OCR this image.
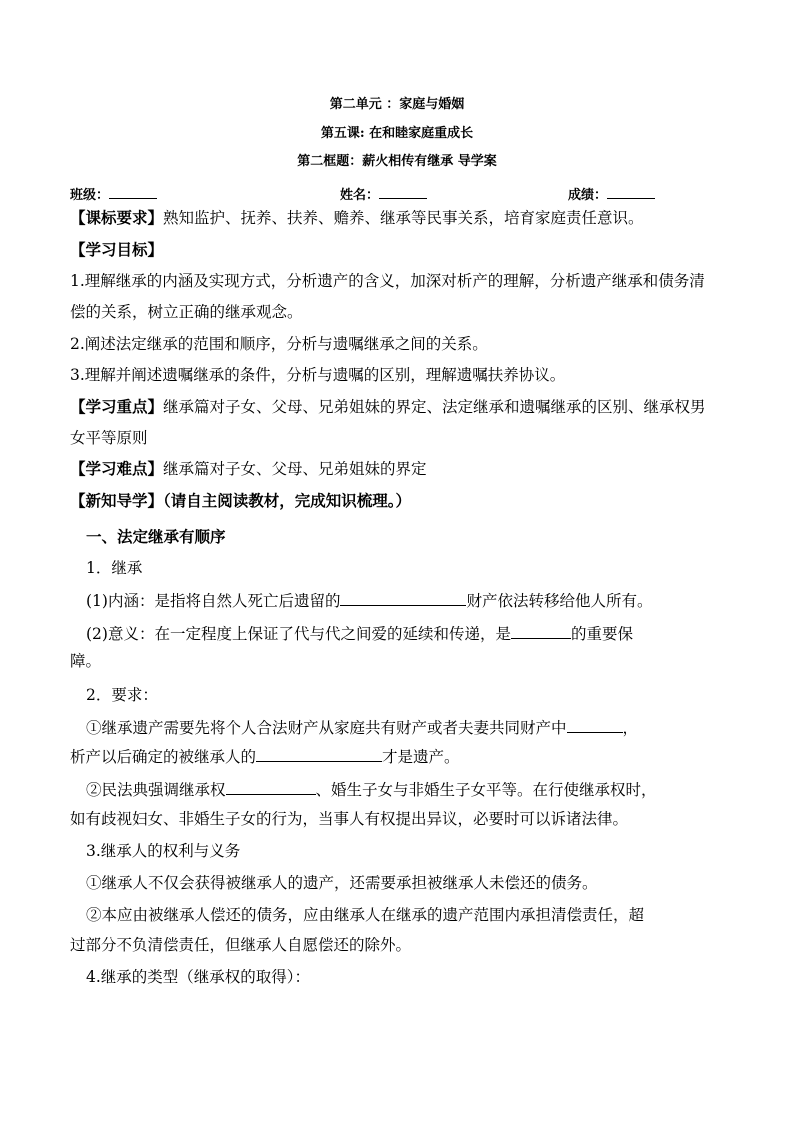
第二单元 ：家庭与婚姻
第五课: 在和睦家庭重成长
第二框题：薪火相传有继承 导学案
班级：	姓名：	成绩：
【课标要求】熟知监护、抚养、扶养、赡养、继承等民事关系，培育家庭责任意识。
【学习目标】
1.理解继承的内涵及实现方式，分析遗产的含义，加深对析产的理解，分析遗产继承和债务清
偿的关系，树立正确的继承观念。
2.阐述法定继承的范围和顺序，分析与遗嘱继承之间的关系。
3.理解并阐述遗嘱继承的条件，分析与遗嘱的区别，理解遗嘱扶养协议。
【学习重点】继承篇对子女、父母、兄弟姐妹的界定、法定继承和遗嘱继承的区别、继承权男
女平等原则
【学习难点】继承篇对子女、父母、兄弟姐妹的界定
【新知导学】（请自主阅读教材，完成知识梳理。）
一、法定继承有顺序
1．继承
(1)内涵：是指将自然人死亡后遗留的	财产依法转移给他人所有。
(2)意义：在一定程度上保证了代与代之间爱的延续和传递，是	的重要保
障。
2．要求：
①继承遗产需要先将个人合法财产从家庭共有财产或者夫妻共同财产中	，
析产以后确定的被继承人的	才是遗产。
②民法典强调继承权	、婚生子女与非婚生子女平等。在行使继承权时，
如有歧视妇女、非婚生子女的行为，当事人有权提出异议，必要时可以诉诸法律。
3.继承人的权利与义务
①继承人不仅会获得被继承人的遗产，还需要承担被继承人未偿还的债务。
②本应由被继承人偿还的债务，应由继承人在继承的遗产范围内承担清偿责任，超
过部分不负清偿责任，但继承人自愿偿还的除外。
4.继承的类型（继承权的取得）：
